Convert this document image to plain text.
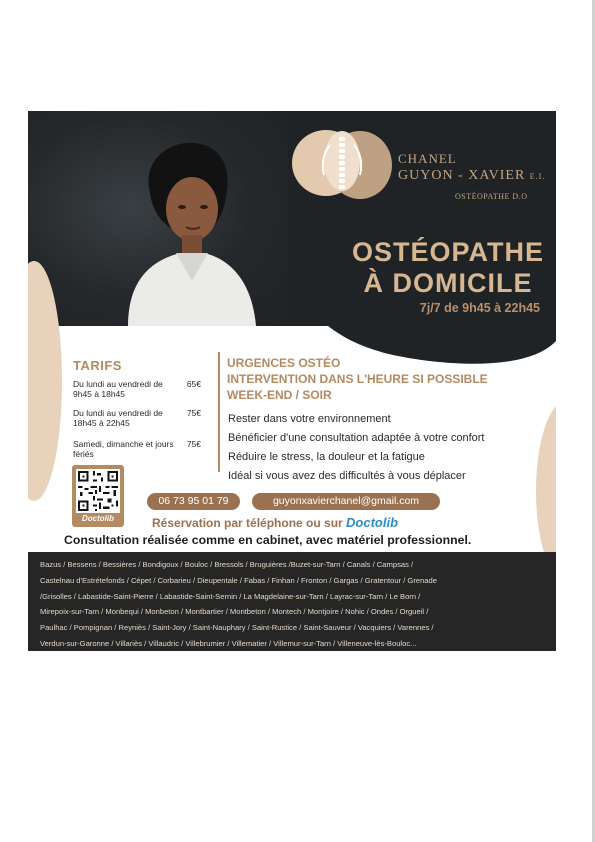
CHANEL
GUYON - XAVIER E.I.
OSTÉOPATHE D.O
OSTÉOPATHE
À DOMICILE
7j/7 de 9h45 à 22h45
TARIFS
Du lundi au vendredi de 9h45 à 18h4565€
Du lundi au vendredi de 18h45 à 22h4575€
Samedi, dimanche et jours fériés75€
URGENCES OSTÉO
INTERVENTION DANS L'HEURE SI POSSIBLE
WEEK-END / SOIR
Rester dans votre environnement
Bénéficier d'une consultation adaptée à votre confort
Réduire le stress, la douleur et la fatigue
Idéal si vous avez des difficultés à vous déplacer
Doctolib
06 73 95 01 79	guyonxavierchanel@gmail.com
Réservation par téléphone ou sur Doctolib
Consultation réalisée comme en cabinet, avec matériel professionnel.
Bazus / Bessens / Bessières / Bondigoux / Bouloc / Bressols / Bruguières /Buzet-sur-Tarn / Canals / Campsas /
Castelnau d'Estrétefonds / Cépet / Corbarieu / Dieupentale / Fabas / Finhan / Fronton / Gargas / Gratentour / Grenade
/Grisolles / Labastide-Saint-Pierre / Labastide-Saint-Sernin / La Magdelaine-sur-Tarn / Layrac-sur-Tarn / Le Born /
Mirepoix-sur-Tarn / Monbequi / Monbeton / Montbartier / Montbeton / Montech / Montjoire / Nohic / Ondes / Orgueil /
Paulhac / Pompignan / Reyniès / Saint-Jory / Saint-Nauphary / Saint-Rustice / Saint-Sauveur / Vacquiers / Varennes /
Verdun-sur-Garonne / Villariès / Villaudric / Villebrumier / Villematier / Villemur-sur-Tarn / Villeneuve-lès-Bouloc...
